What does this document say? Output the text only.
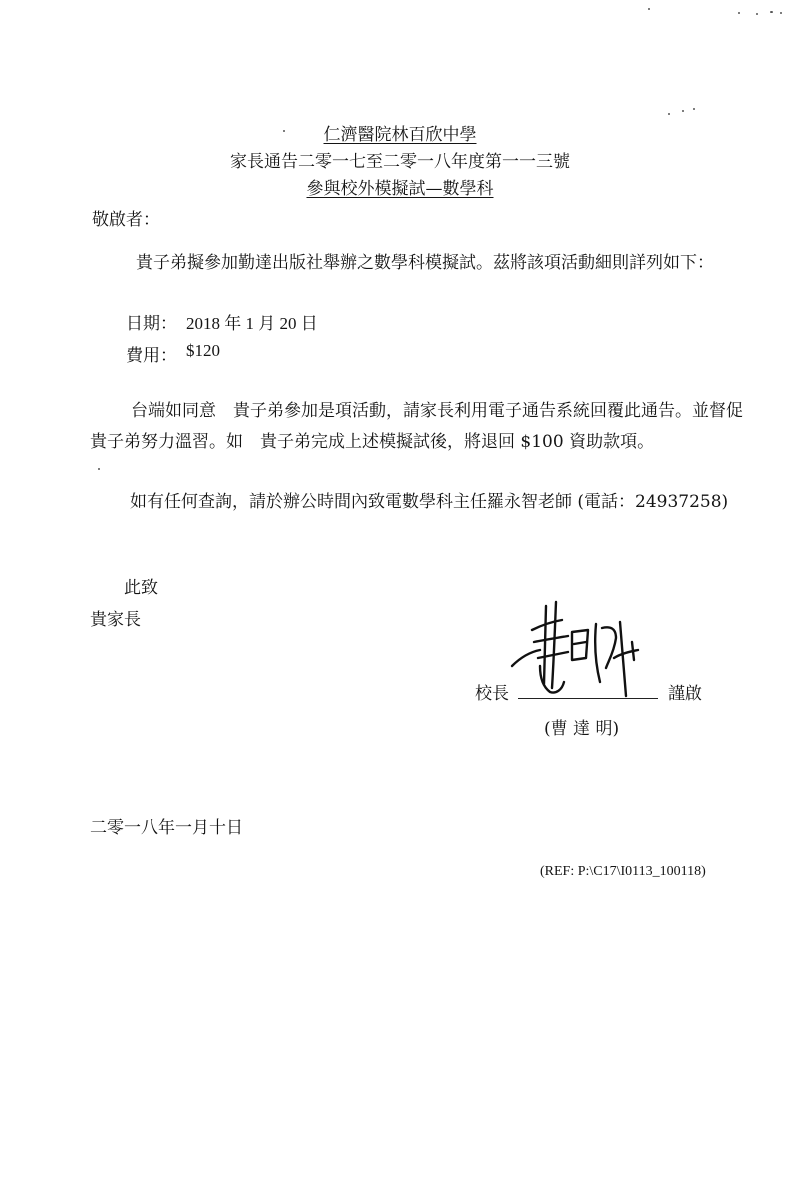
仁濟醫院林百欣中學
家長通告二零一七至二零一八年度第一一三號
參與校外模擬試—數學科
敬啟者：
貴子弟擬參加勤達出版社舉辦之數學科模擬試。茲將該項活動細則詳列如下：
日期： 2018 年 1 月 20 日
費用： $120
台端如同意　貴子弟參加是項活動，請家長利用電子通告系統回覆此通告。並督促
貴子弟努力溫習。如　貴子弟完成上述模擬試後，將退回 $100 資助款項。
如有任何查詢，請於辦公時間內致電數學科主任羅永智老師 (電話：24937258)
此致
貴家長
校長	謹啟
(曹 達 明)
二零一八年一月十日
(REF: P:\C17\I0113_100118)
